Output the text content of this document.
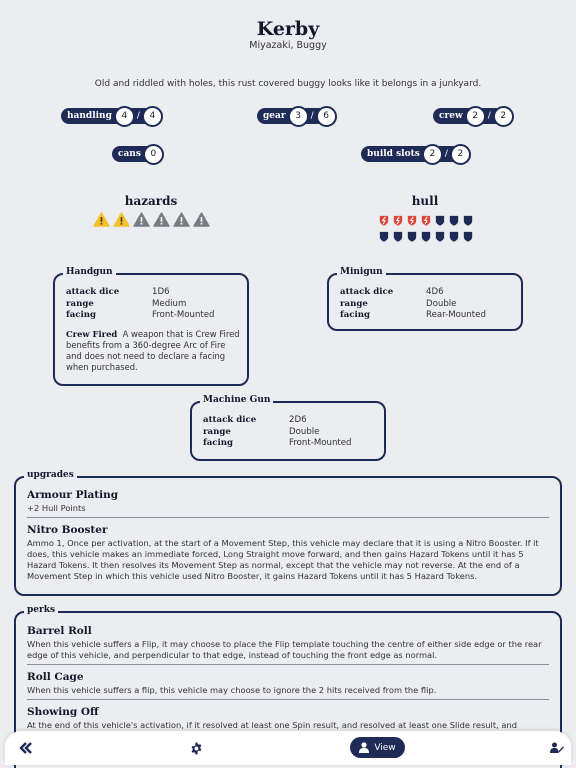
Kerby
Miyazaki, Buggy
Old and riddled with holes, this rust covered buggy looks like it belongs in a junkyard.
handling	4	/	4	gear	3	/	6	crew	2	/	2
cans	0	build slots	2	/	2
hazards	hull
Handgun
attack dice	1D6
range	Medium
facing	Front-Mounted
Crew Fired A weapon that is Crew Fired benefits from a 360-degree Arc of Fire and does not need to declare a facing when purchased.
Minigun
attack dice	4D6
range	Double
facing	Rear-Mounted
Machine Gun
attack dice	2D6
range	Double
facing	Front-Mounted
upgrades
Armour Plating
+2 Hull Points
Nitro Booster
Ammo 1, Once per activation, at the start of a Movement Step, this vehicle may declare that it is using a Nitro Booster. If it does, this vehicle makes an immediate forced, Long Straight move forward, and then gains Hazard Tokens until it has 5 Hazard Tokens. It then resolves its Movement Step as normal, except that the vehicle may not reverse. At the end of a Movement Step in which this vehicle used Nitro Booster, it gains Hazard Tokens until it has 5 Hazard Tokens.
perks
Barrel Roll
When this vehicle suffers a Flip, it may choose to place the Flip template touching the centre of either side edge or the rear edge of this vehicle, and perpendicular to that edge, instead of touching the front edge as normal.
Roll Cage
When this vehicle suffers a flip, this vehicle may choose to ignore the 2 hits received from the flip.
Showing Off
At the end of this vehicle's activation, if it resolved at least one Spin result, and resolved at least one Slide result, and
View
